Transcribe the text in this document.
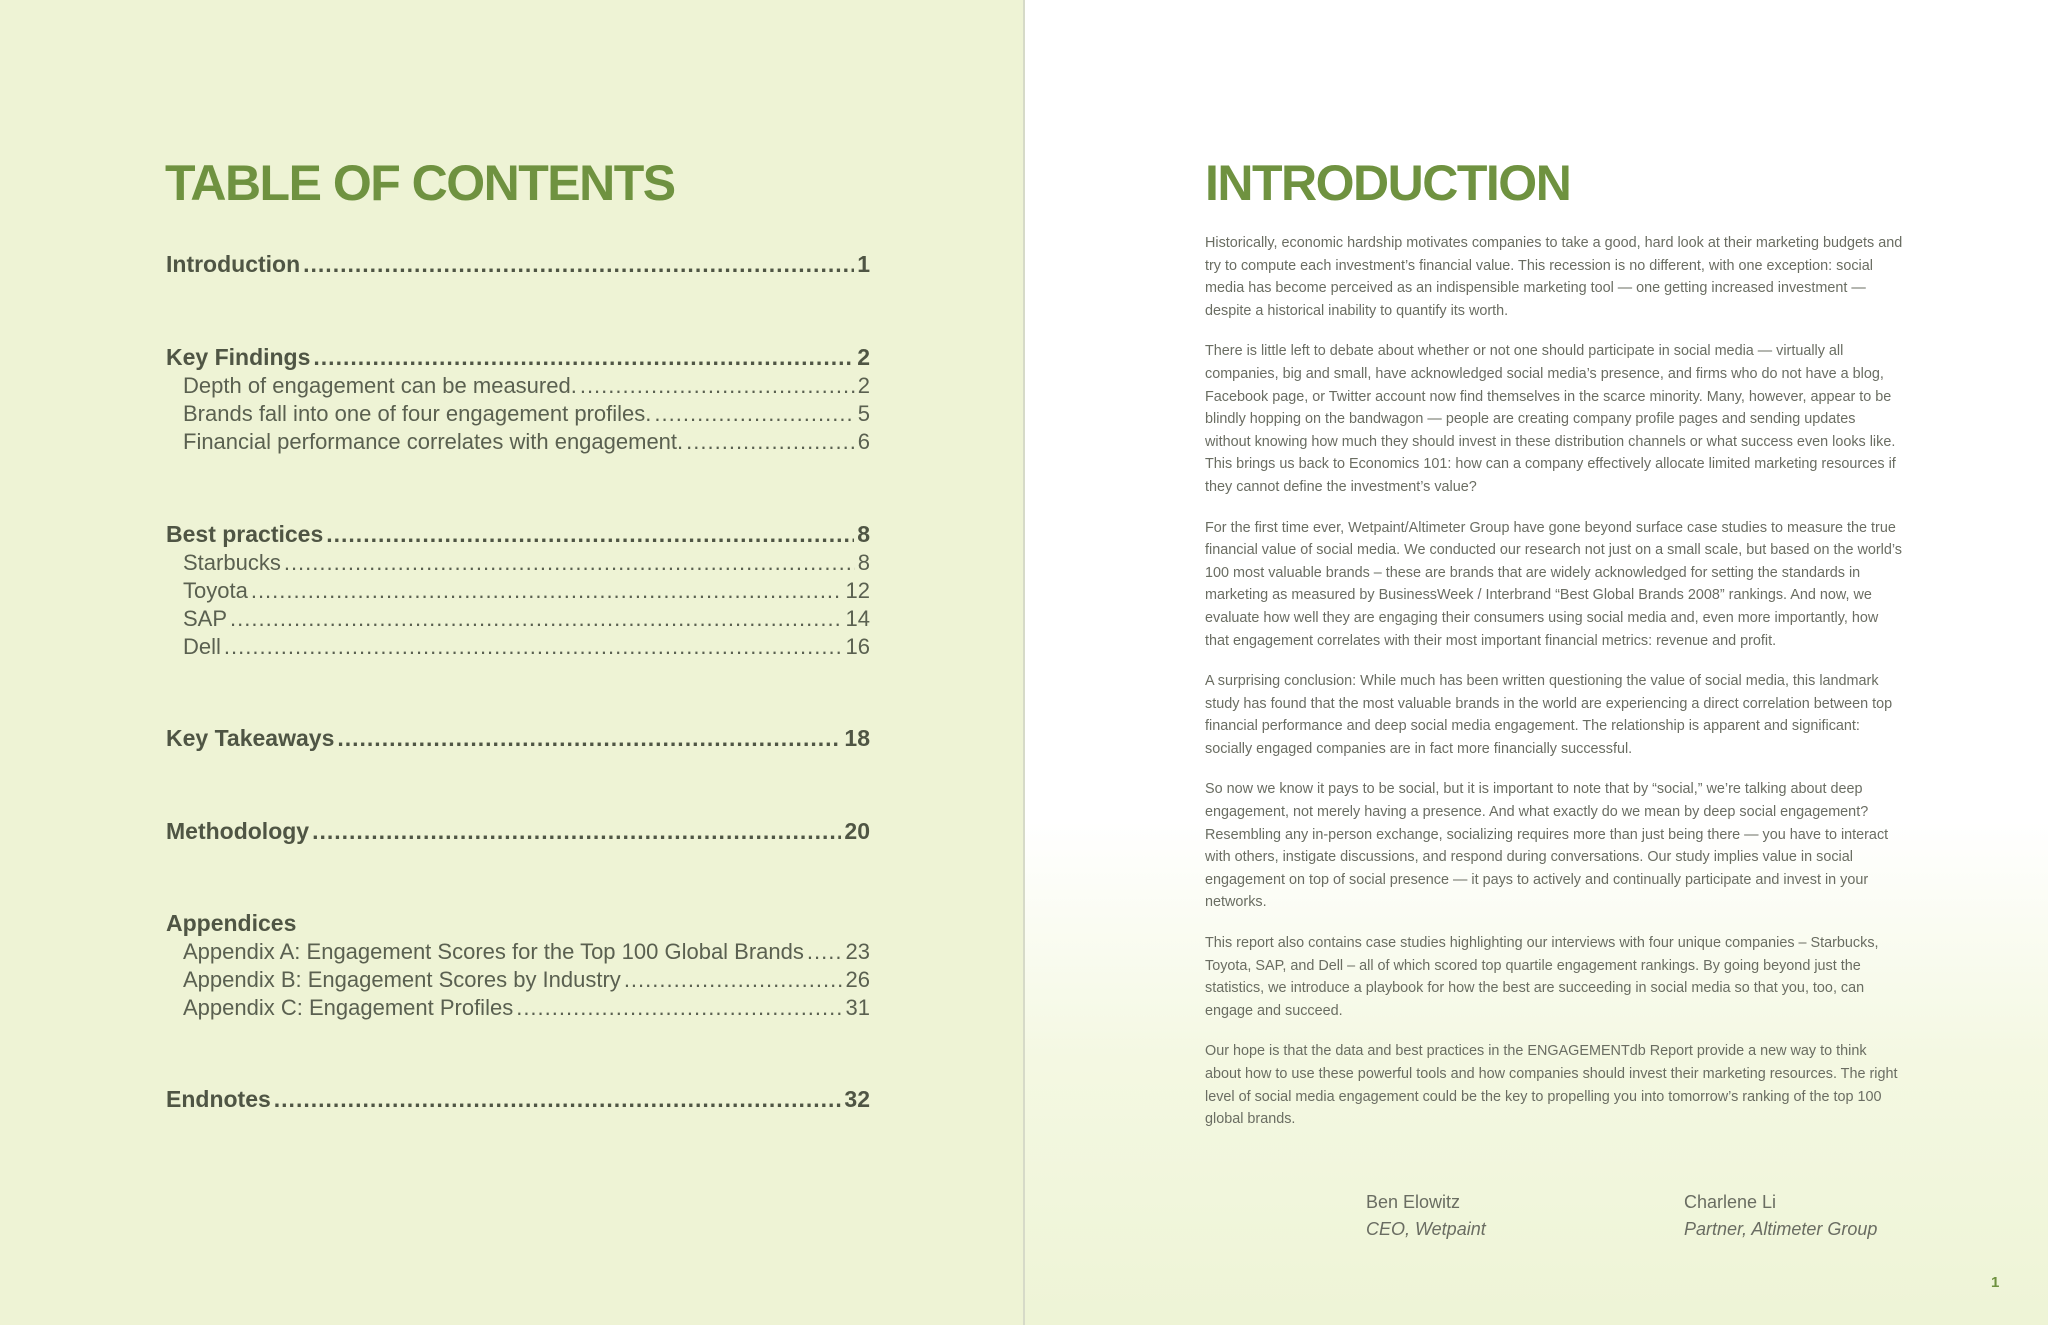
TABLE OF CONTENTS
Introduction .....	1
Key Findings .....	2
Depth of engagement can be measured. .....	2
Brands fall into one of four engagement profiles. .....	5
Financial performance correlates with engagement. .....	6
Best practices .....	8
Starbucks .....	8
Toyota .....	12
SAP .....	14
Dell .....	16
Key Takeaways .....	18
Methodology .....	20
Appendices
Appendix A: Engagement Scores for the Top 100 Global Brands ..... 23
Appendix B: Engagement Scores by Industry .....	26
Appendix C: Engagement Profiles .....	31
Endnotes .....	32
INTRODUCTION

Historically, economic hardship motivates companies to take a good, hard look at their marketing budgets and try to compute each investment’s financial value. This recession is no different, with one exception: social media has become perceived as an indispensible marketing tool — one getting increased investment — despite a historical inability to quantify its worth.

There is little left to debate about whether or not one should participate in social media — virtually all companies, big and small, have acknowledged social media’s presence, and firms who do not have a blog, Facebook page, or Twitter account now find themselves in the scarce minority. Many, however, appear to be blindly hopping on the bandwagon — people are creating company profile pages and sending updates without knowing how much they should invest in these distribution channels or what success even looks like. This brings us back to Economics 101: how can a company effectively allocate limited marketing resources if they cannot define the investment’s value?

For the first time ever, Wetpaint/Altimeter Group have gone beyond surface case studies to measure the true financial value of social media. We conducted our research not just on a small scale, but based on the world’s 100 most valuable brands – these are brands that are widely acknowledged for setting the standards in marketing as measured by BusinessWeek / Interbrand “Best Global Brands 2008” rankings. And now, we evaluate how well they are engaging their consumers using social media and, even more importantly, how that engagement correlates with their most important financial metrics: revenue and profit.

A surprising conclusion: While much has been written questioning the value of social media, this landmark study has found that the most valuable brands in the world are experiencing a direct correlation between top financial performance and deep social media engagement. The relationship is apparent and significant: socially engaged companies are in fact more financially successful.

So now we know it pays to be social, but it is important to note that by “social,” we’re talking about deep engagement, not merely having a presence. And what exactly do we mean by deep social engagement? Resembling any in-person exchange, socializing requires more than just being there — you have to interact with others, instigate discussions, and respond during conversations. Our study implies value in social engagement on top of social presence — it pays to actively and continually participate and invest in your networks.

This report also contains case studies highlighting our interviews with four unique companies – Starbucks, Toyota, SAP, and Dell – all of which scored top quartile engagement rankings. By going beyond just the statistics, we introduce a playbook for how the best are succeeding in social media so that you, too, can engage and succeed.

Our hope is that the data and best practices in the ENGAGEMENTdb Report provide a new way to think about how to use these powerful tools and how companies should invest their marketing resources. The right level of social media engagement could be the key to propelling you into tomorrow’s ranking of the top 100 global brands.

Ben Elowitz
CEO, Wetpaint
Charlene Li
Partner, Altimeter Group
1
